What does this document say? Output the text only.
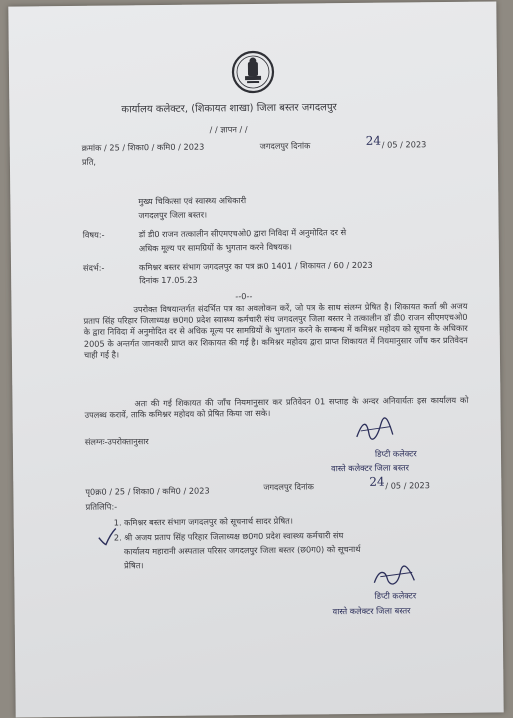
कार्यालय कलेक्टर, (शिकायत शाखा) जिला बस्तर जगदलपुर
/ / ज्ञापन / /
क्रमांक / 25 / शिका0 / कमि0 / 2023	जगदलपुर दिनांक	24 / 05 / 2023
प्रति,
मुख्य चिकित्सा एवं स्वास्थ्य अधिकारी
जगदलपुर जिला बस्तर।
विषय:-	डॉ डी0 राजन तत्कालीन सीएमएचओ0 द्वारा निविदा में अनुमोदित दर से
अधिक मूल्य पर सामग्रियों के भुगतान करने विषयक।
संदर्भ:-	कमिश्नर बस्तर संभाग जगदलपुर का पत्र क्र0 1401 / शिकायत / 60 / 2023
दिनांक 17.05.23
--0--
उपरोक्त विषयान्तर्गत संदर्भित पत्र का अवलोकन करें, जो पत्र के साथ संलग्न प्रेषित है। शिकायत कर्ता श्री अजय प्रताप सिंह परिहार जिलाध्यक्ष छ0ग0 प्रदेश स्वास्थ्य कर्मचारी संघ जगदलपुर जिला बस्तर ने तत्कालीन डॉ डी0 राजन सीएमएचओ0 के द्वारा निविदा में अनुमोदित दर से अधिक मूल्य पर सामग्रियों के भुगतान करने के सम्बन्ध में कमिश्नर महोदय को सूचना के अधिकार 2005 के अन्तर्गत जानकारी प्राप्त कर शिकायत की गई है। कमिश्नर महोदय द्वारा प्राप्त शिकायत में नियमानुसार जाँच कर प्रतिवेदन चाही गई है।
अतः की गई शिकायत की जाँच नियमानुसार कर प्रतिवेदन 01 सप्ताह के अन्दर अनिवार्यतः इस कार्यालय को उपलब्ध करावें, ताकि कमिश्नर महोदय को प्रेषित किया जा सके।
संलग्नः-उपरोक्तानुसार
डिप्टी कलेक्टर
वास्ते कलेक्टर जिला बस्तर
पृ0क्र0 / 25 / शिका0 / कमि0 / 2023	जगदलपुर दिनांक	24 / 05 / 2023
प्रतिलिपि:-
1. कमिश्नर बस्तर संभाग जगदलपुर को सूचनार्थ सादर प्रेषित।
2. श्री अजय प्रताप सिंह परिहार जिलाध्यक्ष छ0ग0 प्रदेश स्वास्थ्य कर्मचारी संघ
कार्यालय महारानी अस्पताल परिसर जगदलपुर जिला बस्तर (छ0ग0) को सूचनार्थ
प्रेषित।
डिप्टी कलेक्टर
वास्ते कलेक्टर जिला बस्तर
